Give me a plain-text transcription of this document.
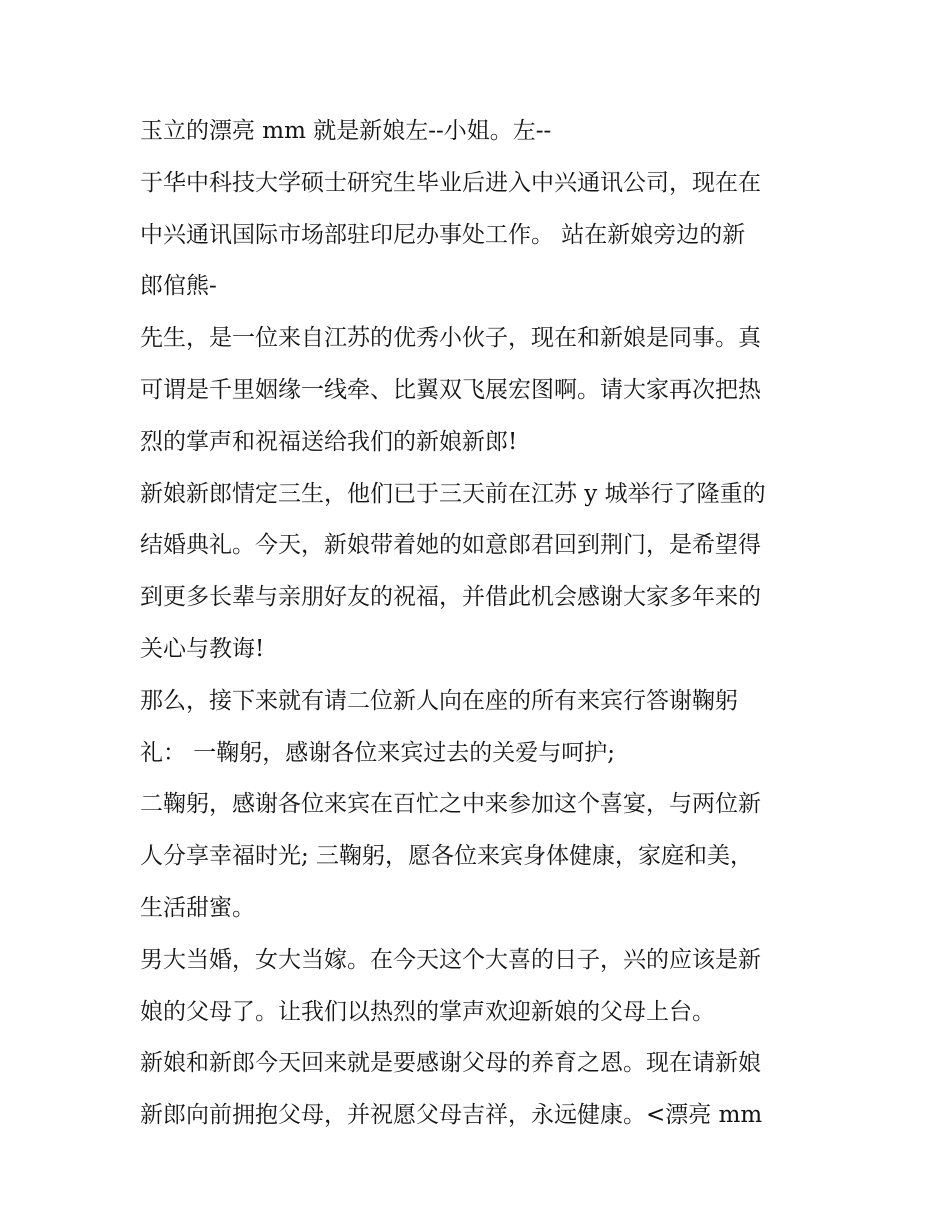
玉立的漂亮 mm 就是新娘左--小姐。左--
于华中科技大学硕士研究生毕业后进入中兴通讯公司，现在在
中兴通讯国际市场部驻印尼办事处工作。 站在新娘旁边的新
郎倌熊-
先生，是一位来自江苏的优秀小伙子，现在和新娘是同事。真
可谓是千里姻缘一线牵、比翼双飞展宏图啊。请大家再次把热
烈的掌声和祝福送给我们的新娘新郎!
新娘新郎情定三生，他们已于三天前在江苏 y 城举行了隆重的
结婚典礼。今天，新娘带着她的如意郎君回到荆门，是希望得
到更多长辈与亲朋好友的祝福，并借此机会感谢大家多年来的
关心与教诲!
那么，接下来就有请二位新人向在座的所有来宾行答谢鞠躬
礼： 一鞠躬，感谢各位来宾过去的关爱与呵护;
二鞠躬，感谢各位来宾在百忙之中来参加这个喜宴，与两位新
人分享幸福时光; 三鞠躬，愿各位来宾身体健康，家庭和美，
生活甜蜜。
男大当婚，女大当嫁。在今天这个大喜的日子，兴的应该是新
娘的父母了。让我们以热烈的掌声欢迎新娘的父母上台。
新娘和新郎今天回来就是要感谢父母的养育之恩。现在请新娘
新郎向前拥抱父母，并祝愿父母吉祥，永远健康。<漂亮 mm
